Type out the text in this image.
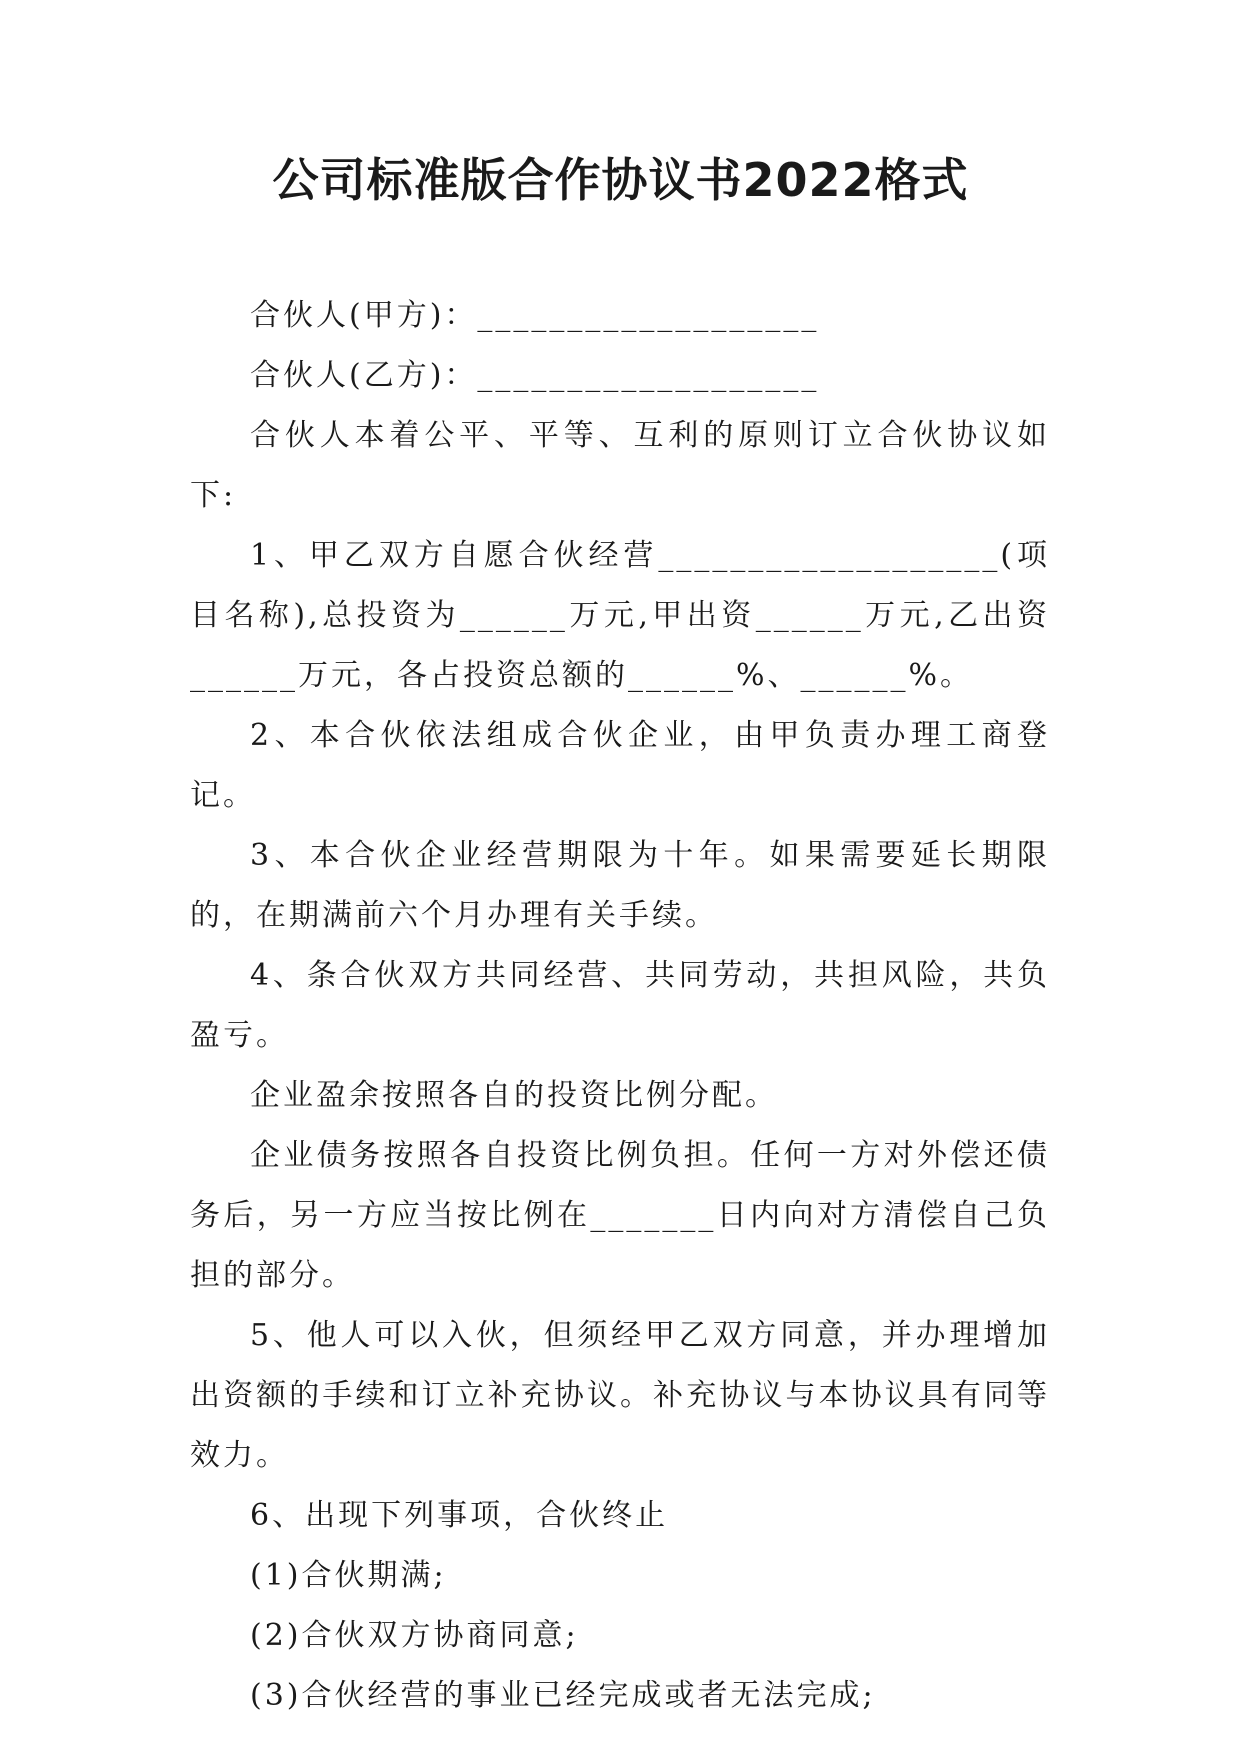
公司标准版合作协议书2022格式

合伙人(甲方)：___________________

合伙人(乙方)：___________________

合伙人本着公平、平等、互利的原则订立合伙协议如下:

1、甲乙双方自愿合伙经营___________________(项目名称),总投资为______万元,甲出资______万元,乙出资______万元，各占投资总额的______%、______%。

2、本合伙依法组成合伙企业，由甲负责办理工商登记。

3、本合伙企业经营期限为十年。如果需要延长期限的，在期满前六个月办理有关手续。

4、条合伙双方共同经营、共同劳动，共担风险，共负盈亏。

企业盈余按照各自的投资比例分配。

企业债务按照各自投资比例负担。任何一方对外偿还债务后，另一方应当按比例在_______日内向对方清偿自己负担的部分。

5、他人可以入伙，但须经甲乙双方同意，并办理增加出资额的手续和订立补充协议。补充协议与本协议具有同等效力。

6、出现下列事项，合伙终止

(1)合伙期满;

(2)合伙双方协商同意;

(3)合伙经营的事业已经完成或者无法完成;
